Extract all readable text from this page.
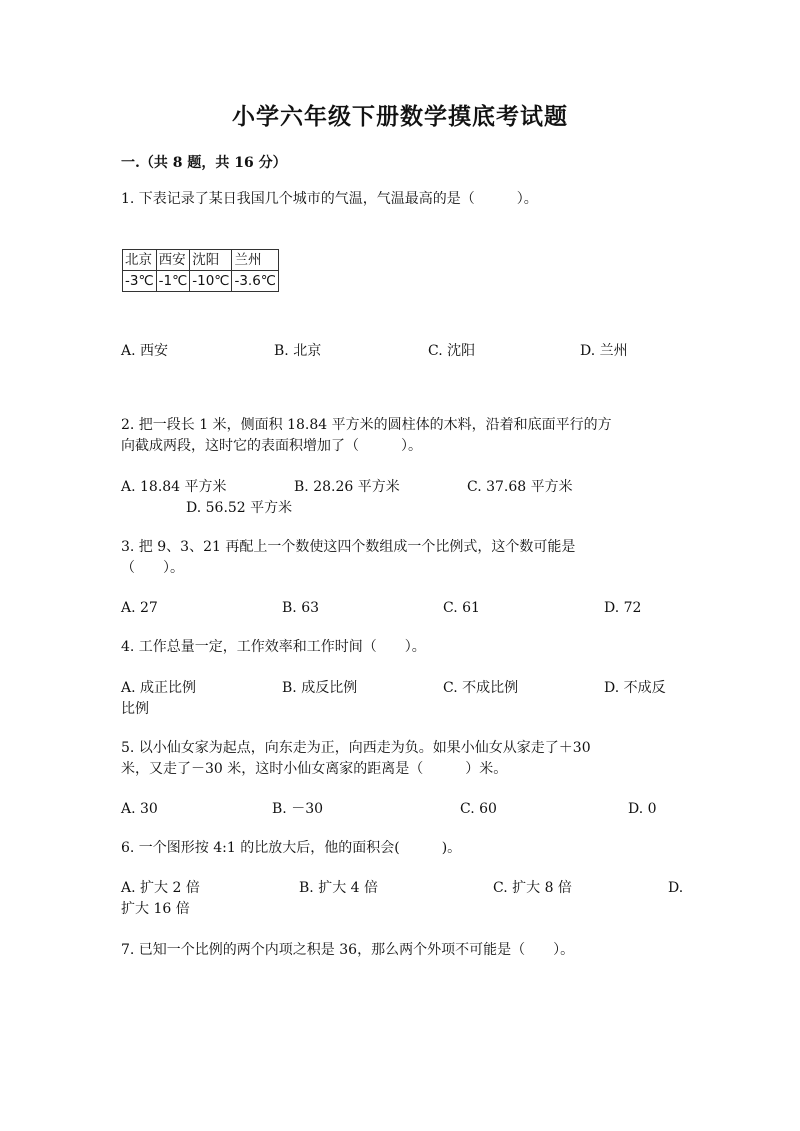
小学六年级下册数学摸底考试题
一.（共 8 题，共 16 分）
1. 下表记录了某日我国几个城市的气温，气温最高的是（　　　）。
北京	西安	沈阳	兰州
-3℃	-1℃	-10℃	-3.6℃
A. 西安	B. 北京	C. 沈阳	D. 兰州
2. 把一段长 1 米，侧面积 18.84 平方米的圆柱体的木料，沿着和底面平行的方
向截成两段，这时它的表面积增加了（　　　）。
A. 18.84 平方米	B. 28.26 平方米	C. 37.68 平方米
D. 56.52 平方米
3. 把 9、3、21 再配上一个数使这四个数组成一个比例式，这个数可能是
（　　）。
A. 27	B. 63	C. 61	D. 72
4. 工作总量一定，工作效率和工作时间（　　）。
A. 成正比例	B. 成反比例	C. 不成比例	D. 不成反
比例
5. 以小仙女家为起点，向东走为正，向西走为负。如果小仙女从家走了＋30
米，又走了－30 米，这时小仙女离家的距离是（　　　）米。
A. 30	B. －30	C. 60	D. 0
6. 一个图形按 4:1 的比放大后，他的面积会(　　　)。
A. 扩大 2 倍	B. 扩大 4 倍	C. 扩大 8 倍	D.
扩大 16 倍
7. 已知一个比例的两个内项之积是 36，那么两个外项不可能是（　　）。
